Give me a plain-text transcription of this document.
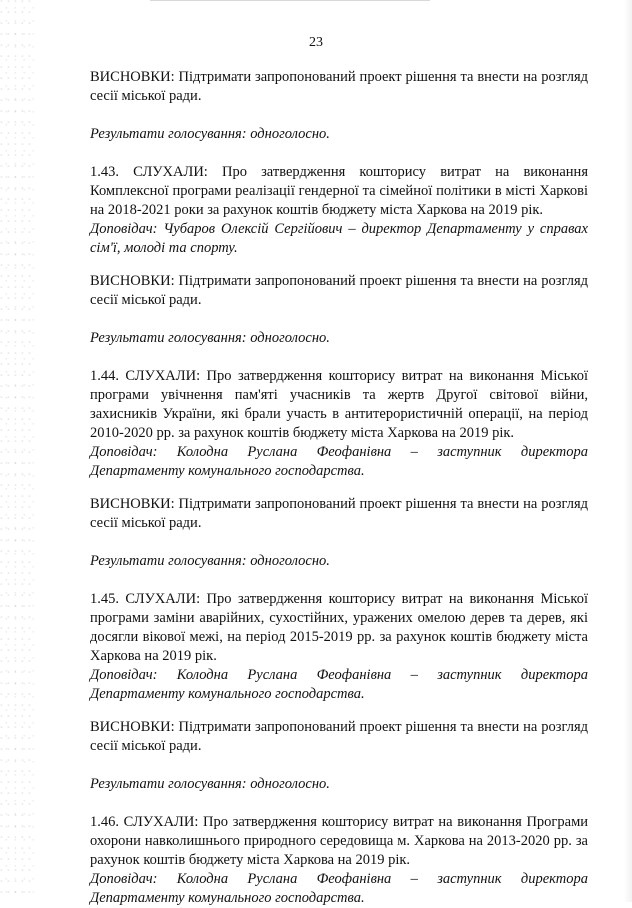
23

ВИСНОВКИ: Підтримати запропонований проект рішення та внести на розгляд сесії міської ради.

Результати голосування: одноголосно.

1.43. СЛУХАЛИ: Про затвердження кошторису витрат на виконання Комплексної програми реалізації гендерної та сімейної політики в місті Харкові на 2018-2021 роки за рахунок коштів бюджету міста Харкова на 2019 рік.

Доповідач: Чубаров Олексій Сергійович – директор Департаменту у справах сім'ї, молоді та спорту.

ВИСНОВКИ: Підтримати запропонований проект рішення та внести на розгляд сесії міської ради.

Результати голосування: одноголосно.

1.44. СЛУХАЛИ: Про затвердження кошторису витрат на виконання Міської програми увічнення пам'яті учасників та жертв Другої світової війни, захисників України, які брали участь в антитерористичній операції, на період 2010-2020 рр. за рахунок коштів бюджету міста Харкова на 2019 рік.

Доповідач: Колодна Руслана Феофанівна – заступник директора Департаменту комунального господарства.

ВИСНОВКИ: Підтримати запропонований проект рішення та внести на розгляд сесії міської ради.

Результати голосування: одноголосно.

1.45. СЛУХАЛИ: Про затвердження кошторису витрат на виконання Міської програми заміни аварійних, сухостійних, уражених омелою дерев та дерев, які досягли вікової межі, на період 2015-2019 рр. за рахунок коштів бюджету міста Харкова на 2019 рік.

Доповідач: Колодна Руслана Феофанівна – заступник директора Департаменту комунального господарства.

ВИСНОВКИ: Підтримати запропонований проект рішення та внести на розгляд сесії міської ради.

Результати голосування: одноголосно.

1.46. СЛУХАЛИ: Про затвердження кошторису витрат на виконання Програми охорони навколишнього природного середовища м. Харкова на 2013-2020 рр. за рахунок коштів бюджету міста Харкова на 2019 рік.

Доповідач: Колодна Руслана Феофанівна – заступник директора Департаменту комунального господарства.
